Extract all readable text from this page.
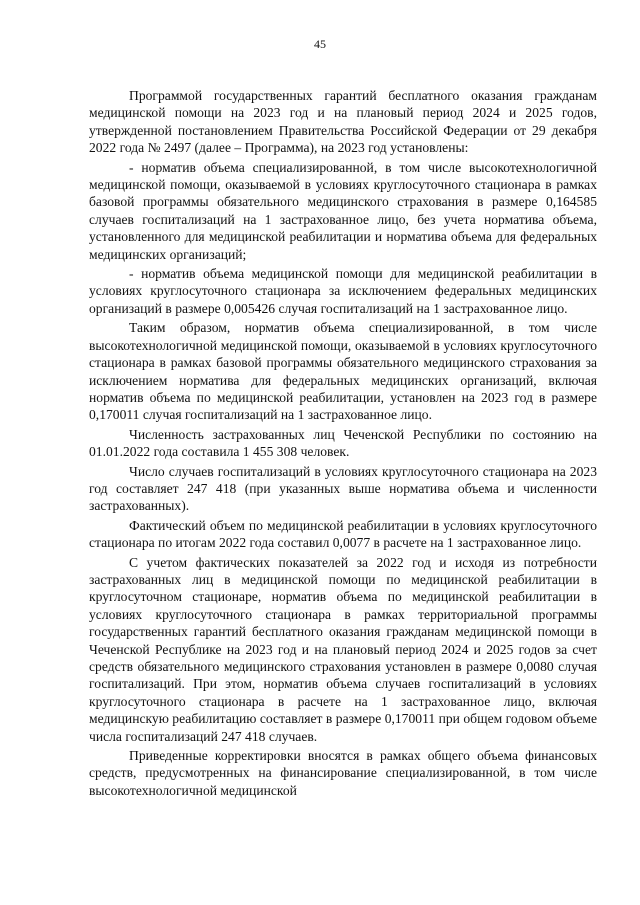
45

Программой государственных гарантий бесплатного оказания гражданам медицинской помощи на 2023 год и на плановый период 2024 и 2025 годов, утвержденной постановлением Правительства Российской Федерации от 29 декабря 2022 года № 2497 (далее – Программа), на 2023 год установлены:

- норматив объема специализированной, в том числе высокотехнологичной медицинской помощи, оказываемой в условиях круглосуточного стационара в рамках базовой программы обязательного медицинского страхования в размере 0,164585 случаев госпитализаций на 1 застрахованное лицо, без учета норматива объема, установленного для медицинской реабилитации и норматива объема для федеральных медицинских организаций;

- норматив объема медицинской помощи для медицинской реабилитации в условиях круглосуточного стационара за исключением федеральных медицинских организаций в размере 0,005426 случая госпитализаций на 1 застрахованное лицо.

Таким образом, норматив объема специализированной, в том числе высокотехнологичной медицинской помощи, оказываемой в условиях круглосуточного стационара в рамках базовой программы обязательного медицинского страхования за исключением норматива для федеральных медицинских организаций, включая норматив объема по медицинской реабилитации, установлен на 2023 год в размере 0,170011 случая госпитализаций на 1 застрахованное лицо.

Численность застрахованных лиц Чеченской Республики по состоянию на 01.01.2022 года составила 1 455 308 человек.

Число случаев госпитализаций в условиях круглосуточного стационара на 2023 год составляет 247 418 (при указанных выше норматива объема и численности застрахованных).

Фактический объем по медицинской реабилитации в условиях круглосуточного стационара по итогам 2022 года составил 0,0077 в расчете на 1 застрахованное лицо.

С учетом фактических показателей за 2022 год и исходя из потребности застрахованных лиц в медицинской помощи по медицинской реабилитации в круглосуточном стационаре, норматив объема по медицинской реабилитации в условиях круглосуточного стационара в рамках территориальной программы государственных гарантий бесплатного оказания гражданам медицинской помощи в Чеченской Республике на 2023 год и на плановый период 2024 и 2025 годов за счет средств обязательного медицинского страхования установлен в размере 0,0080 случая госпитализаций. При этом, норматив объема случаев госпитализаций в условиях круглосуточного стационара в расчете на 1 застрахованное лицо, включая медицинскую реабилитацию составляет в размере 0,170011 при общем годовом объеме числа госпитализаций 247 418 случаев.

Приведенные корректировки вносятся в рамках общего объема финансовых средств, предусмотренных на финансирование специализированной, в том числе высокотехнологичной медицинской
